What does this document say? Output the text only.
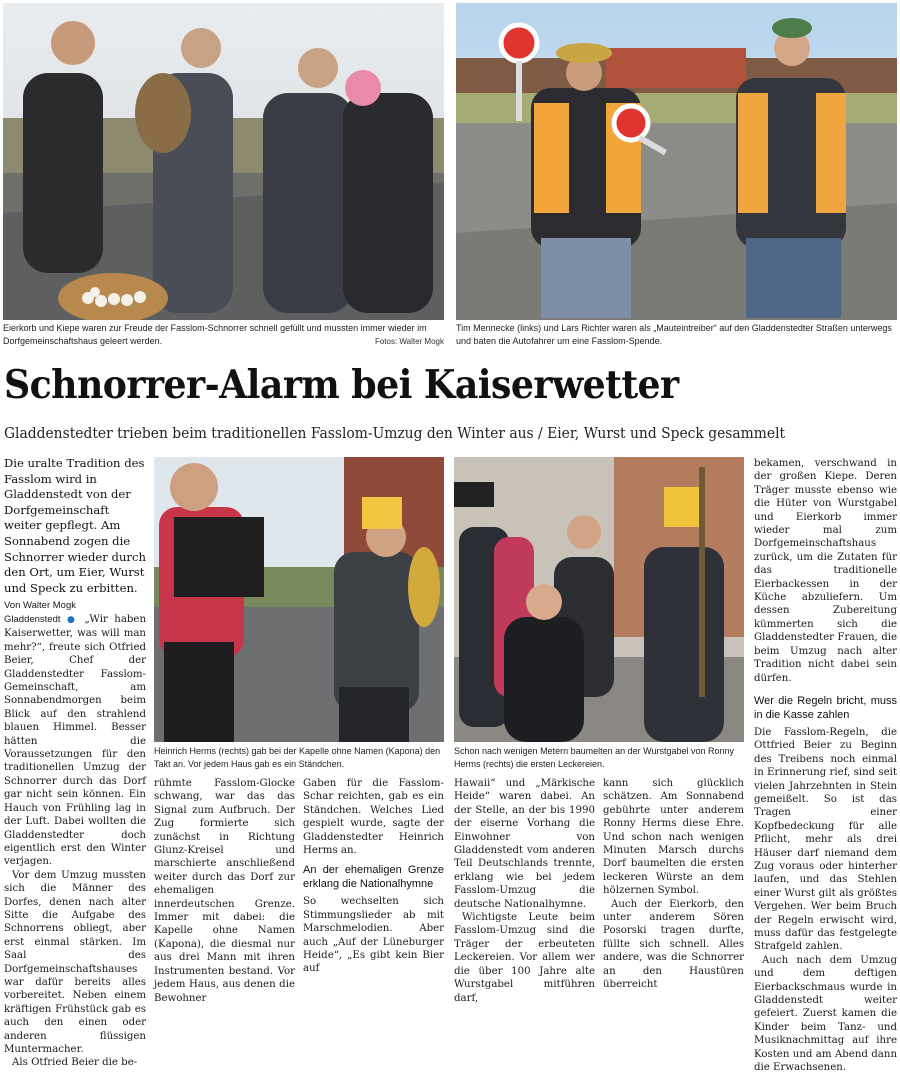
Eierkorb und Kiepe waren zur Freude der Fasslom-Schnorrer schnell gefüllt und mussten immer wieder im Dorfgemeinschaftshaus geleert werden.	Fotos: Walter Mogk
Tim Mennecke (links) und Lars Richter waren als „Mauteintreiber“ auf den Gladdenstedter Straßen unterwegs und baten die Autofahrer um eine Fasslom-Spende.
Schnorrer-Alarm bei Kaiserwetter
Gladdenstedter trieben beim traditionellen Fasslom-Umzug den Winter aus / Eier, Wurst und Speck gesammelt
Die uralte Tradition des Fasslom wird in Gladdenstedt von der Dorfgemeinschaft weiter gepflegt. Am Sonnabend zogen die Schnorrer wieder durch den Ort, um Eier, Wurst und Speck zu erbitten.
Von Walter Mogk

Gladdenstedt ● „Wir haben Kaiserwetter, was will man mehr?“, freute sich Otfried Beier, Chef der Gladdenstedter Fasslom-Gemeinschaft, am Sonnabendmorgen beim Blick auf den strahlend blauen Himmel. Besser hätten die Voraussetzungen für den traditionellen Umzug der Schnorrer durch das Dorf gar nicht sein können. Ein Hauch von Frühling lag in der Luft. Dabei wollten die Gladdenstedter doch eigentlich erst den Winter verjagen.

Vor dem Umzug mussten sich die Männer des Dorfes, denen nach alter Sitte die Aufgabe des Schnorrens obliegt, aber erst einmal stärken. Im Saal des Dorfgemeinschaftshauses war dafür bereits alles vorbereitet. Neben einem kräftigen Frühstück gab es auch den einen oder anderen flüssigen Muntermacher.

Als Otfried Beier die be-

Heinrich Herms (rechts) gab bei der Kapelle ohne Namen (Kapona) den Takt an. Vor jedem Haus gab es ein Ständchen.
Schon nach wenigen Metern baumelten an der Wurstgabel von Ronny Herms (rechts) die ersten Leckereien.

rühmte Fasslom-Glocke schwang, war das das Signal zum Aufbruch. Der Zug formierte sich zunächst in Richtung Glunz-Kreisel und marschierte anschließend weiter durch das Dorf zur ehemaligen innerdeutschen Grenze. Immer mit dabei: die Kapelle ohne Namen (Kapona), die diesmal nur aus drei Mann mit ihren Instrumenten bestand. Vor jedem Haus, aus denen die Bewohner

Gaben für die Fasslom-Schar reichten, gab es ein Ständchen. Welches Lied gespielt wurde, sagte der Gladdenstedter Heinrich Herms an.

An der ehemaligen Grenze erklang die Nationalhymne

So wechselten sich Stimmungslieder ab mit Marschmelodien. Aber auch „Auf der Lüneburger Heide“, „Es gibt kein Bier auf

Hawaii“ und „Märkische Heide“ waren dabei. An der Stelle, an der bis 1990 der eiserne Vorhang die Einwohner von Gladdenstedt vom anderen Teil Deutschlands trennte, erklang wie bei jedem Fasslom-Umzug die deutsche Nationalhymne.

Wichtigste Leute beim Fasslom-Umzug sind die Träger der erbeuteten Leckereien. Vor allem wer die über 100 Jahre alte Wurstgabel mitführen darf,

kann sich glücklich schätzen. Am Sonnabend gebührte unter anderem Ronny Herms diese Ehre. Und schon nach wenigen Minuten Marsch durchs Dorf baumelten die ersten leckeren Würste an dem hölzernen Symbol.

Auch der Eierkorb, den unter anderem Sören Posorski tragen durfte, füllte sich schnell. Alles andere, was die Schnorrer an den Haustüren überreicht

bekamen, verschwand in der großen Kiepe. Deren Träger musste ebenso wie die Hüter von Wurstgabel und Eierkorb immer wieder mal zum Dorfgemeinschaftshaus zurück, um die Zutaten für das traditionelle Eierbackessen in der Küche abzuliefern. Um dessen Zubereitung kümmerten sich die Gladdenstedter Frauen, die beim Umzug nach alter Tradition nicht dabei sein dürfen.

Wer die Regeln bricht, muss in die Kasse zahlen

Die Fasslom-Regeln, die Ottfried Beier zu Beginn des Treibens noch einmal in Erinnerung rief, sind seit vielen Jahrzehnten in Stein gemeißelt. So ist das Tragen einer Kopfbedeckung für alle Pflicht, mehr als drei Häuser darf niemand dem Zug voraus oder hinterher laufen, und das Stehlen einer Wurst gilt als größtes Vergehen. Wer beim Bruch der Regeln erwischt wird, muss dafür das festgelegte Strafgeld zahlen.

Auch nach dem Umzug und dem deftigen Eierbackschmaus wurde in Gladdenstedt weiter gefeiert. Zuerst kamen die Kinder beim Tanz- und Musiknachmittag auf ihre Kosten und am Abend dann die Erwachsenen.
